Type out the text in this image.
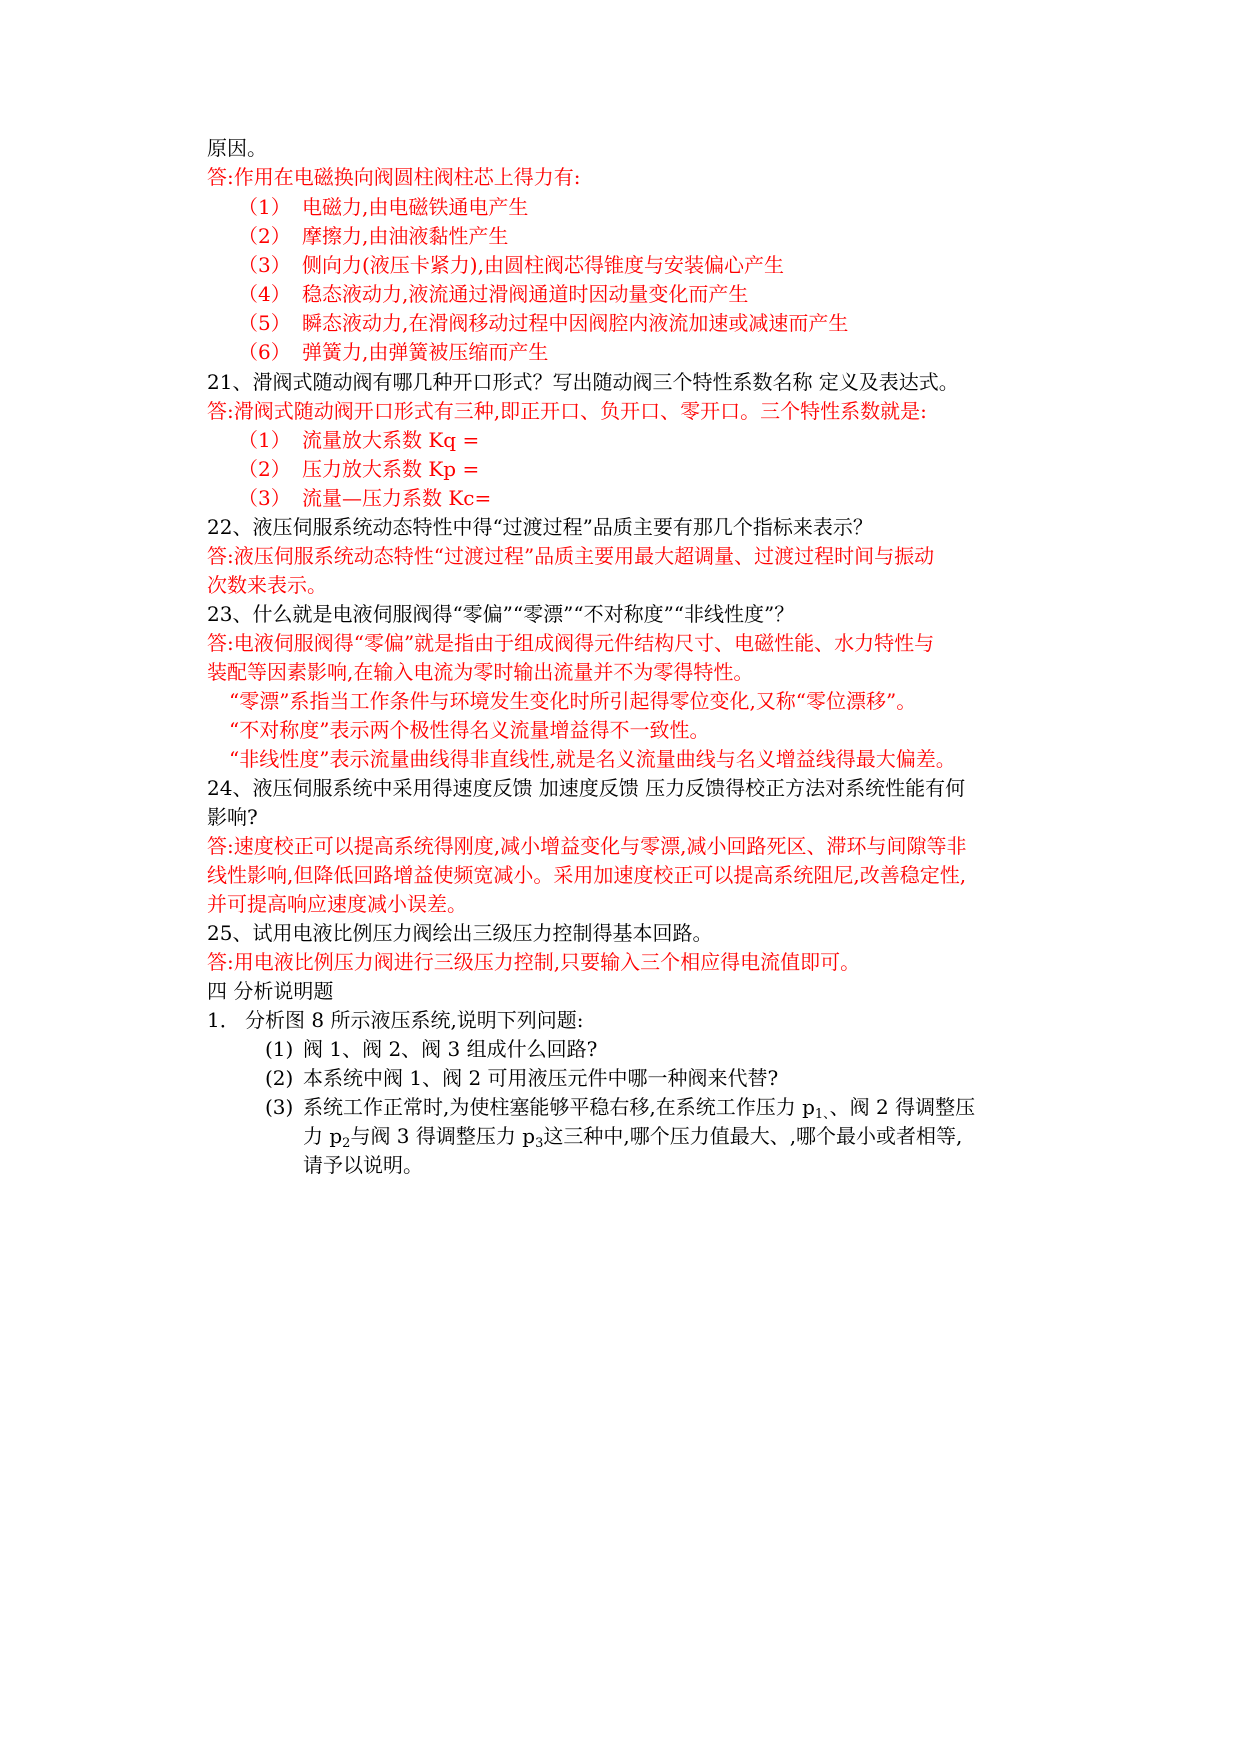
原因。
答:作用在电磁换向阀圆柱阀柱芯上得力有:
（1） 电磁力,由电磁铁通电产生
（2） 摩擦力,由油液黏性产生
（3） 侧向力(液压卡紧力),由圆柱阀芯得锥度与安装偏心产生
（4） 稳态液动力,液流通过滑阀通道时因动量变化而产生
（5） 瞬态液动力,在滑阀移动过程中因阀腔内液流加速或减速而产生
（6） 弹簧力,由弹簧被压缩而产生
21、滑阀式随动阀有哪几种开口形式？写出随动阀三个特性系数名称 定义及表达式。
答:滑阀式随动阀开口形式有三种,即正开口、负开口、零开口。三个特性系数就是:
（1） 流量放大系数 Kq =
（2） 压力放大系数 Kp =
（3） 流量—压力系数 Kc=
22、液压伺服系统动态特性中得“过渡过程”品质主要有那几个指标来表示？
答:液压伺服系统动态特性“过渡过程”品质主要用最大超调量、过渡过程时间与振动
次数来表示。
23、什么就是电液伺服阀得“零偏”“零漂”“不对称度”“非线性度”？
答:电液伺服阀得“零偏”就是指由于组成阀得元件结构尺寸、电磁性能、水力特性与
装配等因素影响,在输入电流为零时输出流量并不为零得特性。
“零漂”系指当工作条件与环境发生变化时所引起得零位变化,又称“零位漂移”。
“不对称度”表示两个极性得名义流量增益得不一致性。
“非线性度”表示流量曲线得非直线性,就是名义流量曲线与名义增益线得最大偏差。
24、液压伺服系统中采用得速度反馈 加速度反馈 压力反馈得校正方法对系统性能有何
影响?
答:速度校正可以提高系统得刚度,减小增益变化与零漂,减小回路死区、滞环与间隙等非
线性影响,但降低回路增益使频宽减小。采用加速度校正可以提高系统阻尼,改善稳定性,
并可提高响应速度减小误差。
25、试用电液比例压力阀绘出三级压力控制得基本回路。
答:用电液比例压力阀进行三级压力控制,只要输入三个相应得电流值即可。
四 分析说明题
1． 分析图 8 所示液压系统,说明下列问题:
(1) 阀 1、阀 2、阀 3 组成什么回路?
(2) 本系统中阀 1、阀 2 可用液压元件中哪一种阀来代替?
(3) 系统工作正常时,为使柱塞能够平稳右移,在系统工作压力 $p_{1、}$、阀 2 得调整压
力 $p_2$与阀 3 得调整压力 $p_3$这三种中,哪个压力值最大、,哪个最小或者相等,
请予以说明。
